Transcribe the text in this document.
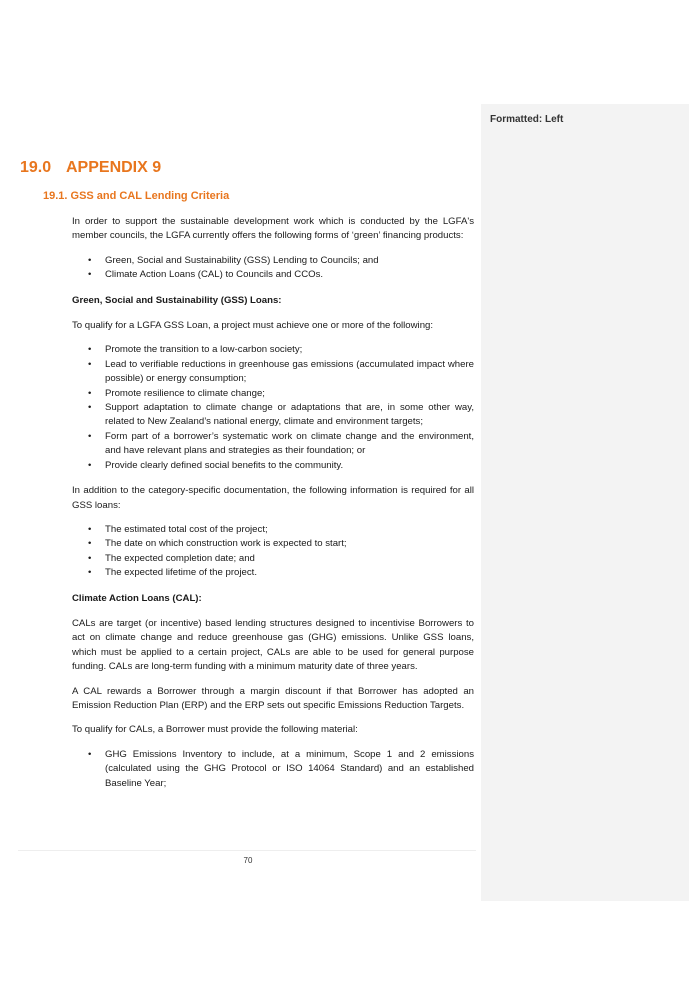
Formatted: Left
19.0 APPENDIX 9
19.1. GSS and CAL Lending Criteria

In order to support the sustainable development work which is conducted by the LGFA's member councils, the LGFA currently offers the following forms of ‘green’ financing products:

• Green, Social and Sustainability (GSS) Lending to Councils; and
• Climate Action Loans (CAL) to Councils and CCOs.

Green, Social and Sustainability (GSS) Loans:

To qualify for a LGFA GSS Loan, a project must achieve one or more of the following:

• Promote the transition to a low-carbon society;
• Lead to verifiable reductions in greenhouse gas emissions (accumulated impact where possible) or energy consumption;
• Promote resilience to climate change;
• Support adaptation to climate change or adaptations that are, in some other way, related to New Zealand’s national energy, climate and environment targets;
• Form part of a borrower’s systematic work on climate change and the environment, and have relevant plans and strategies as their foundation; or
• Provide clearly defined social benefits to the community.

In addition to the category-specific documentation, the following information is required for all GSS loans:

• The estimated total cost of the project;
• The date on which construction work is expected to start;
• The expected completion date; and
• The expected lifetime of the project.

Climate Action Loans (CAL):

CALs are target (or incentive) based lending structures designed to incentivise Borrowers to act on climate change and reduce greenhouse gas (GHG) emissions. Unlike GSS loans, which must be applied to a certain project, CALs are able to be used for general purpose funding. CALs are long-term funding with a minimum maturity date of three years.

A CAL rewards a Borrower through a margin discount if that Borrower has adopted an Emission Reduction Plan (ERP) and the ERP sets out specific Emissions Reduction Targets.

To qualify for CALs, a Borrower must provide the following material:

• GHG Emissions Inventory to include, at a minimum, Scope 1 and 2 emissions (calculated using the GHG Protocol or ISO 14064 Standard) and an established Baseline Year;
70
